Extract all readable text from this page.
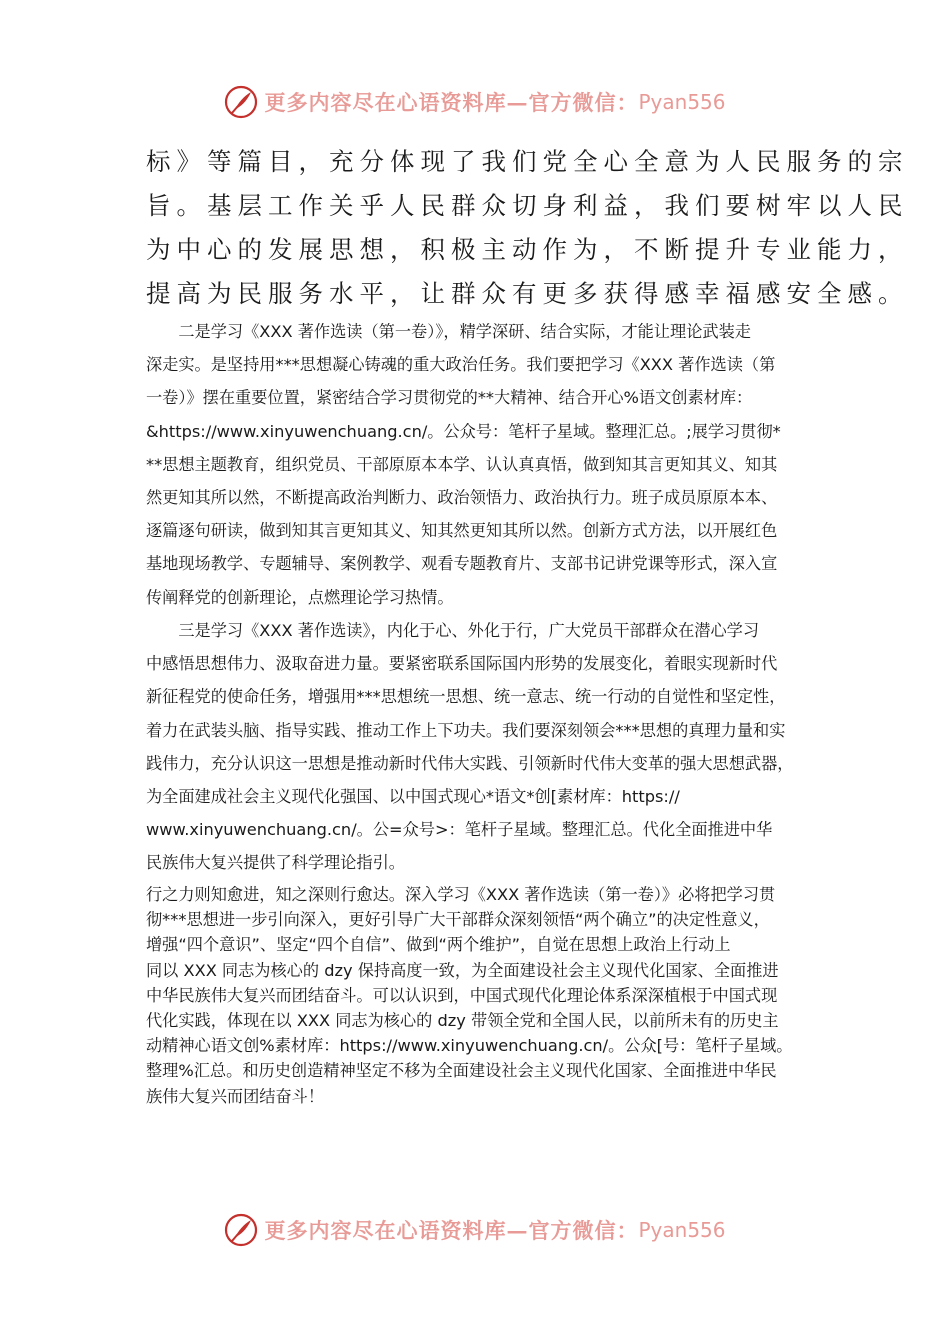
更多内容尽在心语资料库—官方微信： Pyan556
标》等篇目，充分体现了我们党全心全意为人民服务的宗
旨。基层工作关乎人民群众切身利益，我们要树牢以人民
为中心的发展思想，积极主动作为，不断提升专业能力，
提高为民服务水平，让群众有更多获得感幸福感安全感。
　　二是学习《XXX 著作选读（第一卷）》，精学深研、结合实际，才能让理论武装走
深走实。是坚持用***思想凝心铸魂的重大政治任务。我们要把学习《XXX 著作选读（第
一卷）》摆在重要位置，紧密结合学习贯彻党的**大精神、结合开心%语文创素材库：
&https://www.xinyuwenchuang.cn/。公众号：笔杆子星域。整理汇总。;展学习贯彻*
**思想主题教育，组织党员、干部原原本本学、认认真真悟，做到知其言更知其义、知其
然更知其所以然，不断提高政治判断力、政治领悟力、政治执行力。班子成员原原本本、
逐篇逐句研读，做到知其言更知其义、知其然更知其所以然。创新方式方法，以开展红色
基地现场教学、专题辅导、案例教学、观看专题教育片、支部书记讲党课等形式，深入宣
传阐释党的创新理论，点燃理论学习热情。
　　三是学习《XXX 著作选读》，内化于心、外化于行，广大党员干部群众在潜心学习
中感悟思想伟力、汲取奋进力量。要紧密联系国际国内形势的发展变化，着眼实现新时代
新征程党的使命任务，增强用***思想统一思想、统一意志、统一行动的自觉性和坚定性，
着力在武装头脑、指导实践、推动工作上下功夫。我们要深刻领会***思想的真理力量和实
践伟力，充分认识这一思想是推动新时代伟大实践、引领新时代伟大变革的强大思想武器，
为全面建成社会主义现代化强国、以中国式现心*语文*创[素材库：https://
www.xinyuwenchuang.cn/。公=众号>：笔杆子星域。整理汇总。代化全面推进中华
民族伟大复兴提供了科学理论指引。
行之力则知愈进，知之深则行愈达。深入学习《XXX 著作选读（第一卷）》必将把学习贯
彻***思想进一步引向深入，更好引导广大干部群众深刻领悟“两个确立”的决定性意义，
增强“四个意识”、坚定“四个自信”、做到“两个维护”，自觉在思想上政治上行动上
同以 XXX 同志为核心的 dzy 保持高度一致，为全面建设社会主义现代化国家、全面推进
中华民族伟大复兴而团结奋斗。可以认识到，中国式现代化理论体系深深植根于中国式现
代化实践，体现在以 XXX 同志为核心的 dzy 带领全党和全国人民，以前所未有的历史主
动精神心语文创%素材库：https://www.xinyuwenchuang.cn/。公众[号：笔杆子星域。
整理%汇总。和历史创造精神坚定不移为全面建设社会主义现代化国家、全面推进中华民
族伟大复兴而团结奋斗！
更多内容尽在心语资料库—官方微信： Pyan556
